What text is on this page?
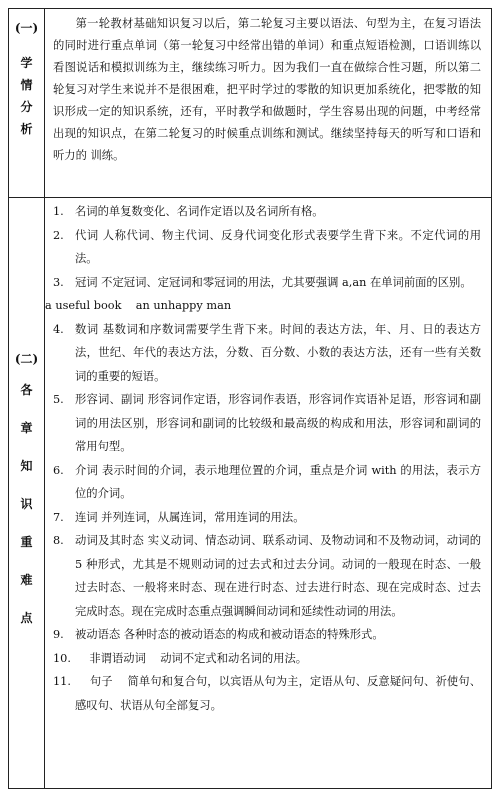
(一)
学
情
分
析

第一轮教材基础知识复习以后，第二轮复习主要以语法、句型为主，在复习语法的同时进行重点单词（第一轮复习中经常出错的单词）和重点短语检测，口语训练以看图说话和模拟训练为主，继续练习听力。因为我们一直在做综合性习题，所以第二轮复习对学生来说并不是很困难，把平时学过的零散的知识更加系统化，把零散的知识形成一定的知识系统，还有，平时教学和做题时，学生容易出现的问题，中考经常出现的知识点，在第二轮复习的时候重点训练和测试。继续坚持每天的听写和口语和听力的 训练。

(二)
各
章
知
识
重
难
点
1. 名词的单复数变化、名词作定语以及名词所有格。
2. 代词 人称代词、物主代词、反身代词变化形式表要学生背下来。不定代词的用法。
3. 冠词 不定冠词、定冠词和零冠词的用法，尤其要强调 a,an 在单词前面的区别。
a useful book    an unhappy man
4. 数词 基数词和序数词需要学生背下来。时间的表达方法，年、月、日的表达方法，世纪、年代的表达方法，分数、百分数、小数的表达方法，还有一些有关数词的重要的短语。
5. 形容词、副词 形容词作定语，形容词作表语，形容词作宾语补足语，形容词和副词的用法区别，形容词和副词的比较级和最高级的构成和用法，形容词和副词的常用句型。
6. 介词 表示时间的介词，表示地理位置的介词，重点是介词 with 的用法，表示方位的介词。
7. 连词 并列连词，从属连词，常用连词的用法。
8. 动词及其时态 实义动词、情态动词、联系动词、及物动词和不及物动词，动词的 5 种形式，尤其是不规则动词的过去式和过去分词。动词的一般现在时态、一般过去时态、一般将来时态、现在进行时态、过去进行时态、现在完成时态、过去完成时态。现在完成时态重点强调瞬间动词和延续性动词的用法。
9. 被动语态 各种时态的被动语态的构成和被动语态的特殊形式。
10. 非谓语动词    动词不定式和动名词的用法。
11. 句子    简单句和复合句，以宾语从句为主，定语从句、反意疑问句、祈使句、感叹句、状语从句全部复习。
